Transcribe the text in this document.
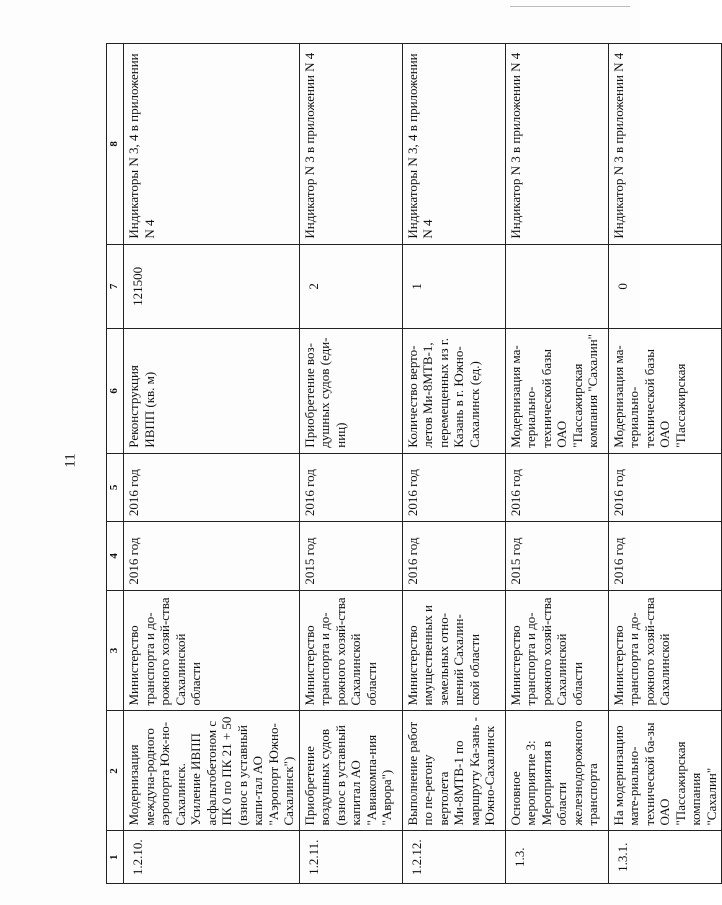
11
1	2	3	4	5	6	7	8
1.2.10.	Модернизация междуна-родного аэропорта Юж-но-Сахалинск. Усиление ИВПП асфальтобетоном с ПК 0 по ПК 21 + 50 (взнос в уставный капи-тал АО "Аэропорт Южно-Сахалинск")	Министерство транспорта и до-рожного хозяй-ства Сахалинской области	2016 год	2016 год	Реконструкция ИВПП (кв. м)	121500	Индикаторы N 3, 4 в приложении N 4
1.2.11.	Приобретение воздушных судов (взнос в уставный капитал АО "Авиакомпа-ния "Аврора")	Министерство транспорта и до-рожного хозяй-ства Сахалинской области	2015 год	2016 год	Приобретение воз-душных судов (еди-ниц)	2	Индикатор N 3 в приложении N 4
1.2.12.	Выполнение работ по пе-регону вертолета Ми-8МТВ-1 по маршруту Ка-зань - Южно-Сахалинск	Министерство имущественных и земельных отно-шений Сахалин-ской области	2016 год	2016 год	Количество верто-летов Ми-8МТВ-1, перемещенных из г. Казань в г. Южно-Сахалинск (ед.)	1	Индикаторы N 3, 4 в приложении N 4
1.3.	Основное мероприятие 3: Мероприятия в области железнодорожного транспорта	Министерство транспорта и до-рожного хозяй-ства Сахалинской области	2015 год	2016 год	Модернизация ма-териально-технической базы ОАО "Пассажирская компания "Сахалин"		Индикатор N 3 в приложении N 4
1.3.1.	На модернизацию мате-риально-технической ба-зы ОАО "Пассажирская компания "Сахалин"	Министерство транспорта и до-рожного хозяй-ства Сахалинской	2016 год	2016 год	Модернизация ма-териально-технической базы ОАО "Пассажирская	0	Индикатор N 3 в приложении N 4
